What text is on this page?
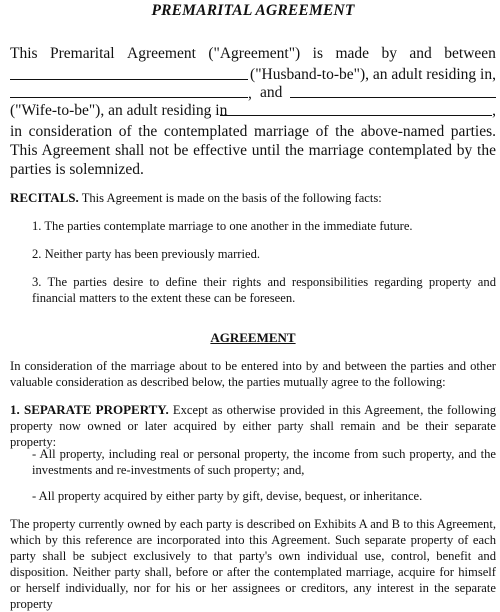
PREMARITAL AGREEMENT
This Premarital Agreement ("Agreement") is made by and between
("Husband-to-be"), an adult residing in,
, and
("Wife-to-be"), an adult residing in	,
in consideration of the contemplated marriage of the above-named parties. This Agreement shall not be effective until the marriage contemplated by the parties is solemnized.
RECITALS. This Agreement is made on the basis of the following facts:
1. The parties contemplate marriage to one another in the immediate future.
2. Neither party has been previously married.
3. The parties desire to define their rights and responsibilities regarding property and financial matters to the extent these can be foreseen.
AGREEMENT
In consideration of the marriage about to be entered into by and between the parties and other valuable consideration as described below, the parties mutually agree to the following:
1. SEPARATE PROPERTY. Except as otherwise provided in this Agreement, the following property now owned or later acquired by either party shall remain and be their separate property:
- All property, including real or personal property, the income from such property, and the investments and re-investments of such property; and,
- All property acquired by either party by gift, devise, bequest, or inheritance.
The property currently owned by each party is described on Exhibits A and B to this Agreement, which by this reference are incorporated into this Agreement. Such separate property of each party shall be subject exclusively to that party's own individual use, control, benefit and disposition. Neither party shall, before or after the contemplated marriage, acquire for himself or herself individually, nor for his or her assignees or creditors, any interest in the separate property
